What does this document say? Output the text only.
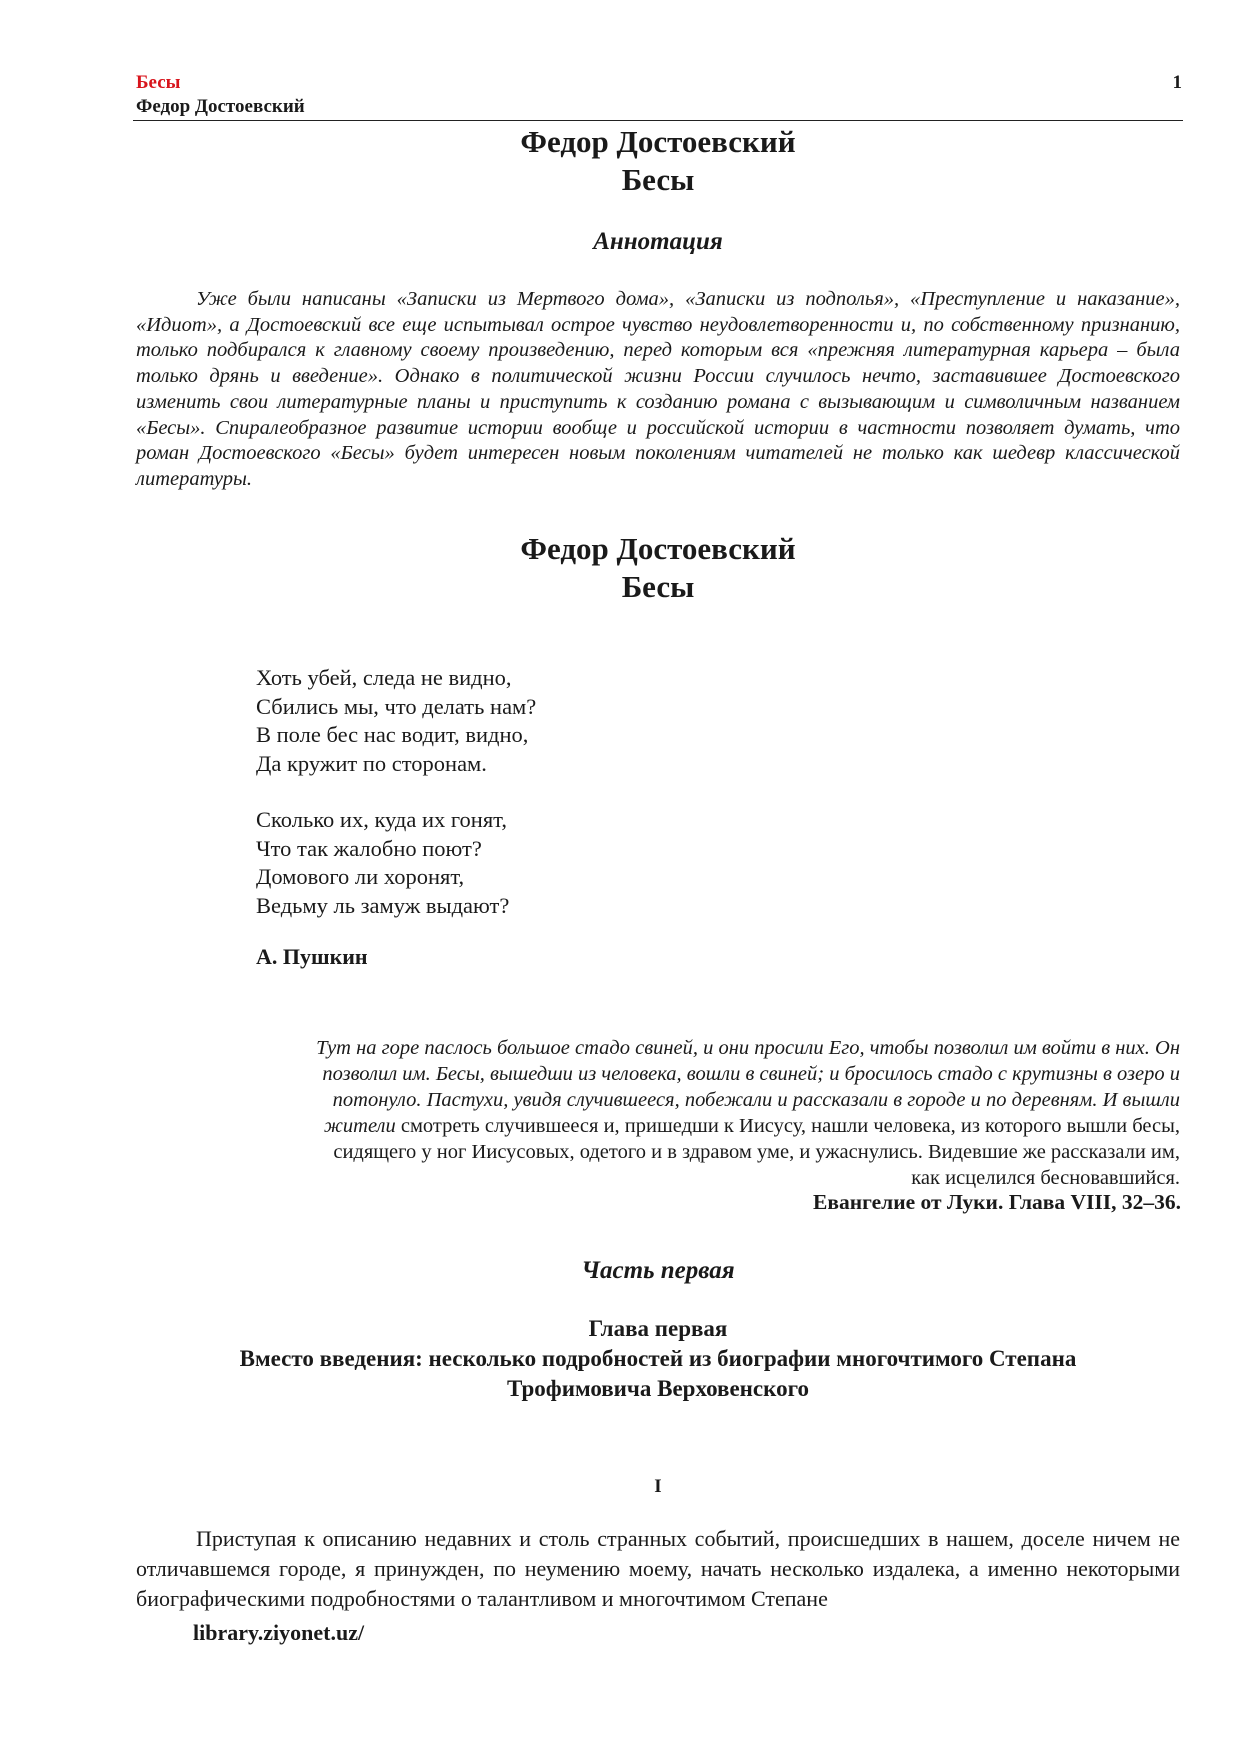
Бесы
Федор Достоевский
1
Федор Достоевский
Бесы
Аннотация

Уже были написаны «Записки из Мертвого дома», «Записки из подполья», «Преступление и наказание», «Идиот», а Достоевский все еще испытывал острое чувство неудовлетворенности и, по собственному признанию, только подбирался к главному своему произведению, перед которым вся «прежняя литературная карьера – была только дрянь и введение». Однако в политической жизни России случилось нечто, заставившее Достоевского изменить свои литературные планы и приступить к созданию романа с вызывающим и символичным названием «Бесы». Спиралеобразное развитие истории вообще и российской истории в частности позволяет думать, что роман Достоевского «Бесы» будет интересен новым поколениям читателей не только как шедевр классической литературы.

Федор Достоевский
Бесы
Хоть убей, следа не видно,
Сбились мы, что делать нам?
В поле бес нас водит, видно,
Да кружит по сторонам.
Сколько их, куда их гонят,
Что так жалобно поют?
Домового ли хоронят,
Ведьму ль замуж выдают?
А. Пушкин
Тут на горе паслось большое стадо свиней, и они просили Его, чтобы позволил им войти в них. Он
позволил им. Бесы, вышедши из человека, вошли в свиней; и бросилось стадо с крутизны в озеро и
потонуло. Пастухи, увидя случившееся, побежали и рассказали в городе и по деревням. И вышли
жители смотреть случившееся и, пришедши к Иисусу, нашли человека, из которого вышли бесы,
сидящего у ног Иисусовых, одетого и в здравом уме, и ужаснулись. Видевшие же рассказали им,
как исцелился бесновавшийся.
Евангелие от Луки. Глава VIII, 32–36.
Часть первая
Глава первая
Вместо введения: несколько подробностей из биографии многочтимого Степана
Трофимовича Верховенского
I

Приступая к описанию недавних и столь странных событий, происшедших в нашем, доселе ничем не отличавшемся городе, я принужден, по неумению моему, начать несколько издалека, а именно некоторыми биографическими подробностями о талантливом и многочтимом Степане

library.ziyonet.uz/
